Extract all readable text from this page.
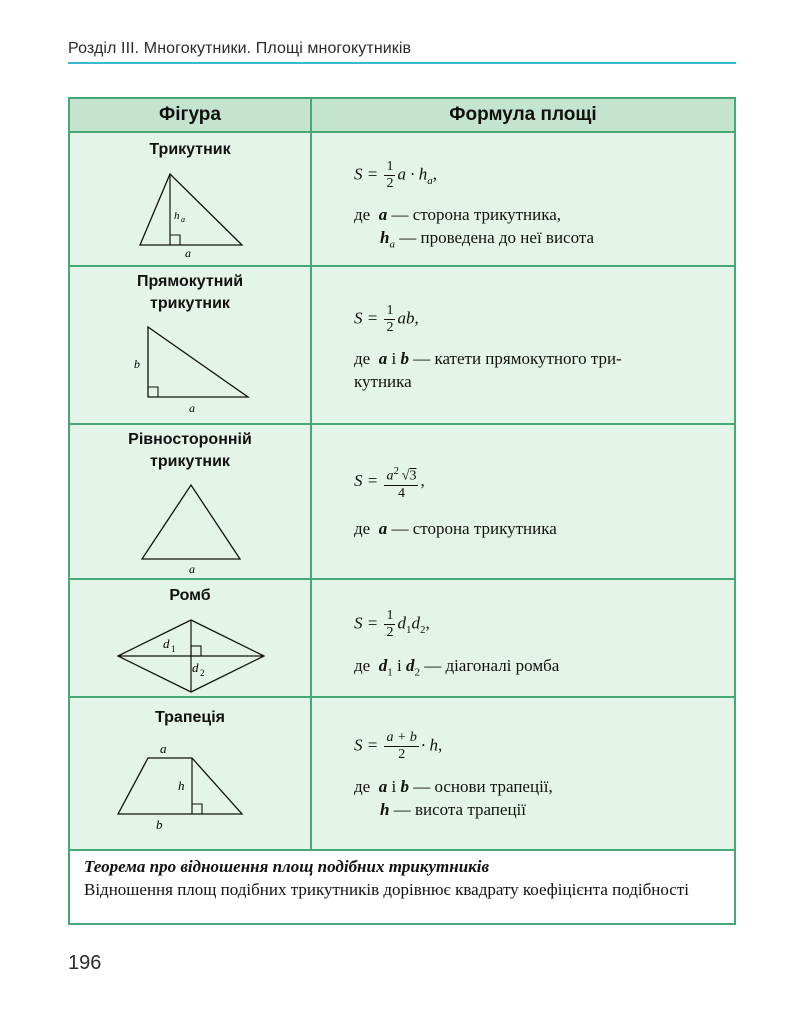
Розділ ІІІ. Многокутники. Площі многокутників
Фігура	Формула площі
Трикутник
h a
a
$S = \frac{1}{2}$ $a \cdot h_a$,
де a — сторона трикутника,
$h_a$ — проведена до неї висота
Прямокутний
трикутник
b
a
$S = \frac{1}{2}$ ab,
де a і b — катети прямокутного три-
кутника
Рівносторонній
трикутник
a
$S = \frac{a^2 √3}{4}$ ,
де a — сторона трикутника
Ромб
d 1
d 2
$S = \frac{1}{2} d_1d_2$,
де $d_1$ і $d_2$ — діагоналі ромба
Трапеція
a
h
b
$S = \frac{a + b}{2} \cdot h$,
де a і b — основи трапеції,
h — висота трапеції
Теорема про відношення площ подібних трикутників
Відношення площ подібних трикутників дорівнює квадрату коефіцієнта подібності
196
